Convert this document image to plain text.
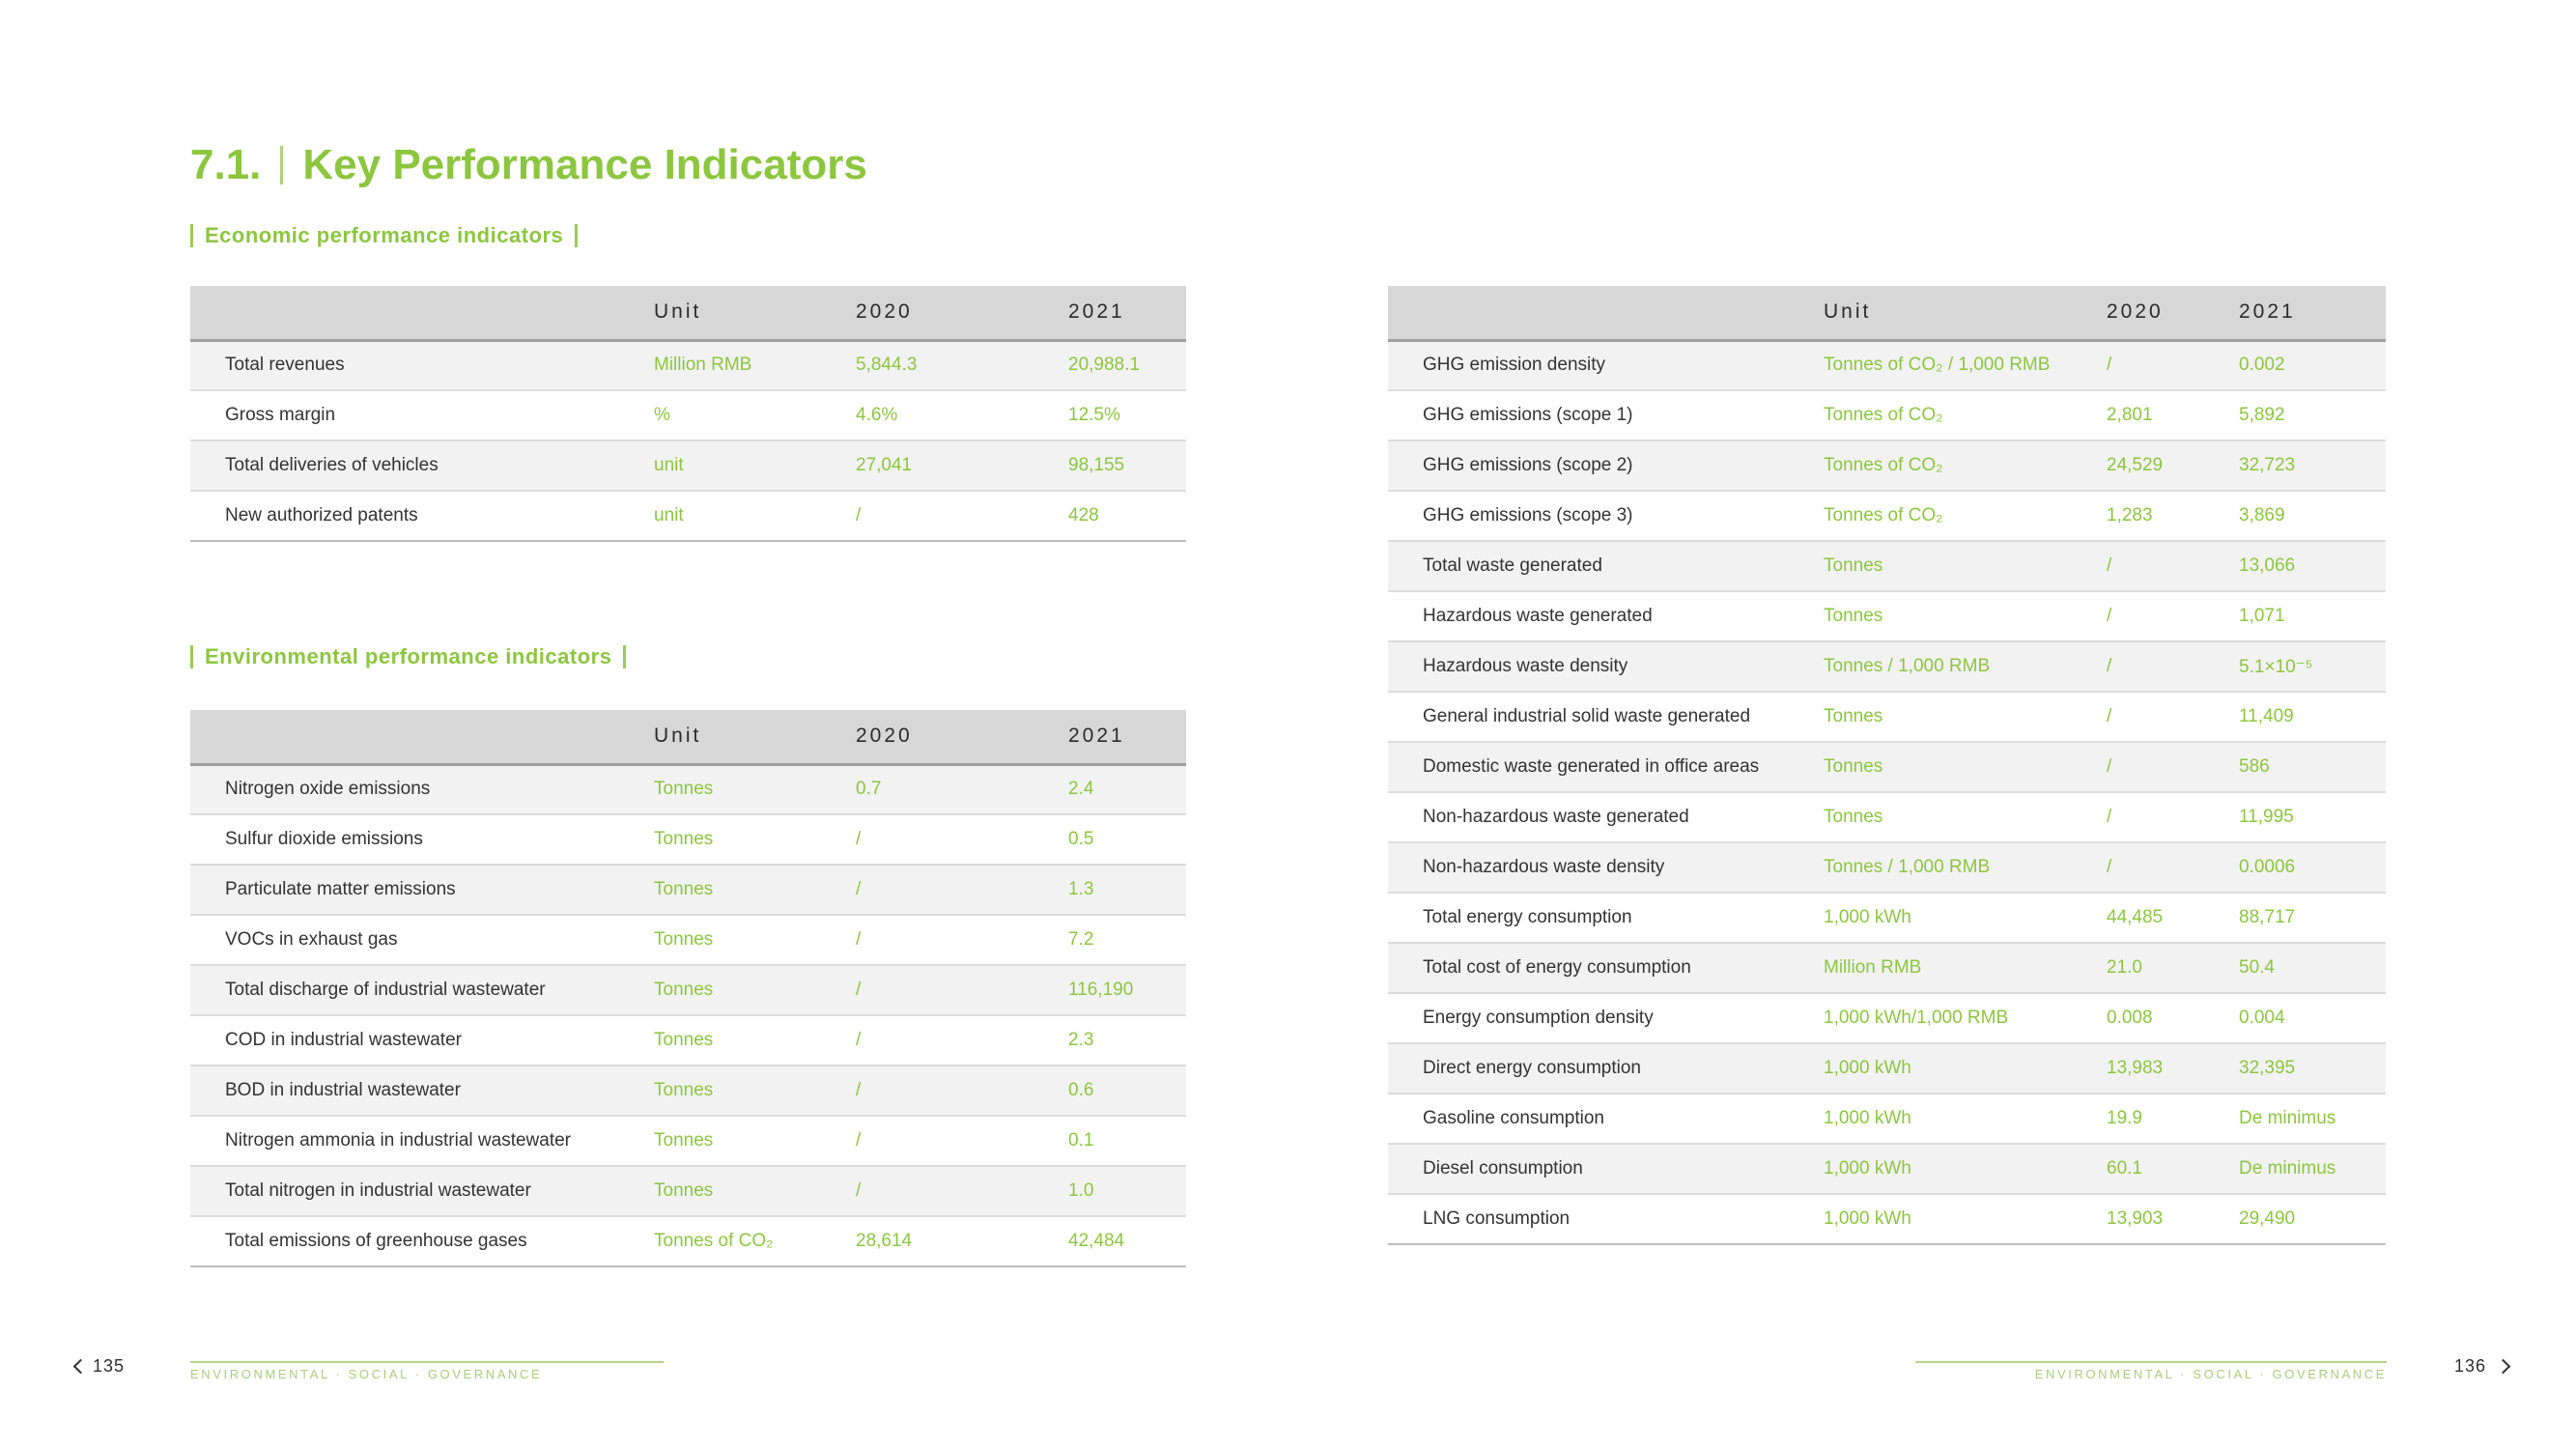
7.1. Key Performance Indicators
Economic performance indicators
	Unit	2020	2021
Total revenues	Million RMB	5,844.3	20,988.1
Gross margin	%	4.6%	12.5%
Total deliveries of vehicles	unit	27,041	98,155
New authorized patents	unit	/	428
Environmental performance indicators
	Unit	2020	2021
Nitrogen oxide emissions	Tonnes	0.7	2.4
Sulfur dioxide emissions	Tonnes	/	0.5
Particulate matter emissions	Tonnes	/	1.3
VOCs in exhaust gas	Tonnes	/	7.2
Total discharge of industrial wastewater	Tonnes	/	116,190
COD in industrial wastewater	Tonnes	/	2.3
BOD in industrial wastewater	Tonnes	/	0.6
Nitrogen ammonia in industrial wastewater	Tonnes	/	0.1
Total nitrogen in industrial wastewater	Tonnes	/	1.0
Total emissions of greenhouse gases	Tonnes of CO₂	28,614	42,484
	Unit	2020	2021
GHG emission density	Tonnes of CO₂ / 1,000 RMB	/	0.002
GHG emissions (scope 1)	Tonnes of CO₂	2,801	5,892
GHG emissions (scope 2)	Tonnes of CO₂	24,529	32,723
GHG emissions (scope 3)	Tonnes of CO₂	1,283	3,869
Total waste generated	Tonnes	/	13,066
Hazardous waste generated	Tonnes	/	1,071
Hazardous waste density	Tonnes / 1,000 RMB	/	5.1×10⁻⁵
General industrial solid waste generated	Tonnes	/	11,409
Domestic waste generated in office areas	Tonnes	/	586
Non-hazardous waste generated	Tonnes	/	11,995
Non-hazardous waste density	Tonnes / 1,000 RMB	/	0.0006
Total energy consumption	1,000 kWh	44,485	88,717
Total cost of energy consumption	Million RMB	21.0	50.4
Energy consumption density	1,000 kWh/1,000 RMB	0.008	0.004
Direct energy consumption	1,000 kWh	13,983	32,395
Gasoline consumption	1,000 kWh	19.9	De minimus
Diesel consumption	1,000 kWh	60.1	De minimus
LNG consumption	1,000 kWh	13,903	29,490
135	ENVIRONMENTAL · SOCIAL · GOVERNANCE	ENVIRONMENTAL · SOCIAL · GOVERNANCE	136
